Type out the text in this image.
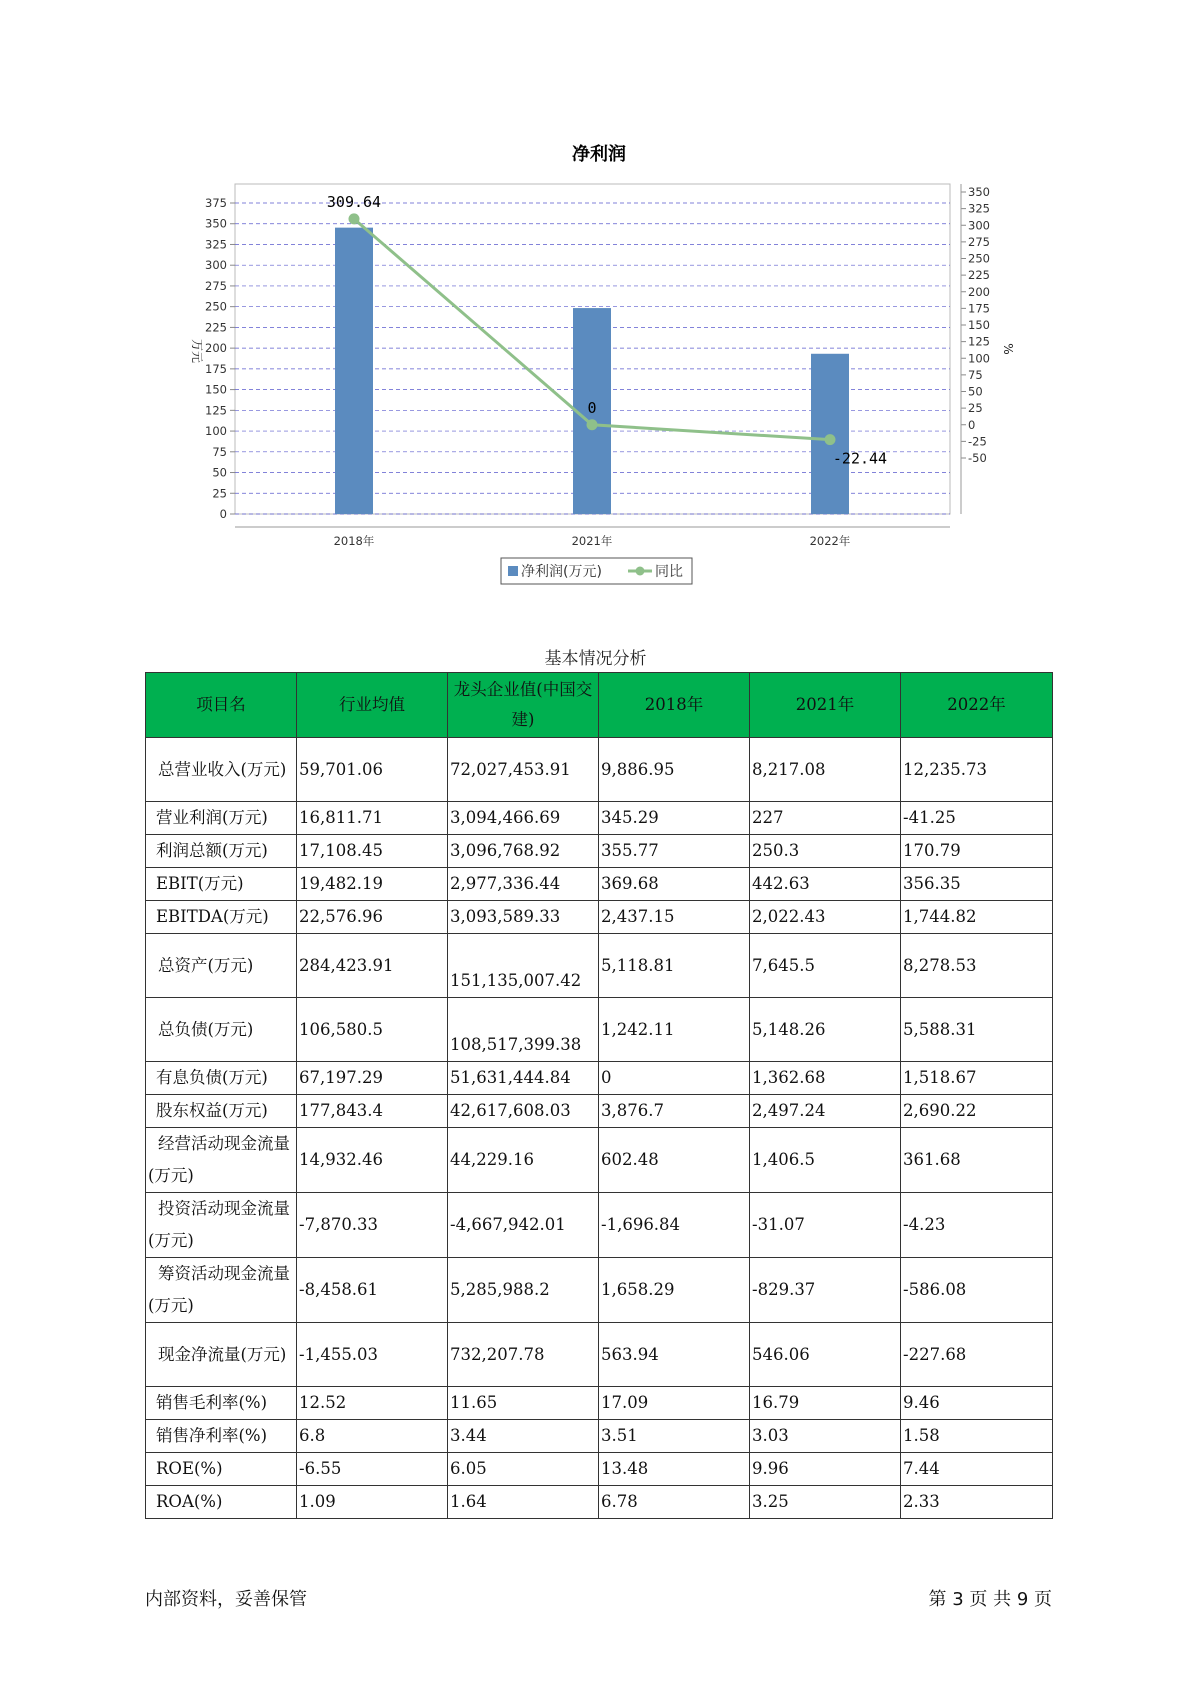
净利润
309.64
0
-22.44
0
25
50
75
100
125
150
175
200
225
250
275
300
325
350
375
-50
-25
0
25
50
75
100
125
150
175
200
225
250
275
300
325
350
2018年	2021年	2022年
万元	%
净利润(万元)	同比
基本情况分析
项目名	行业均值	龙头企业值(中国交建)	2018年	2021年	2022年
总营业收入(万元)	59,701.06	72,027,453.91	9,886.95	8,217.08	12,235.73
营业利润(万元)	16,811.71	3,094,466.69	345.29	227	-41.25
利润总额(万元)	17,108.45	3,096,768.92	355.77	250.3	170.79
EBIT(万元)	19,482.19	2,977,336.44	369.68	442.63	356.35
EBITDA(万元)	22,576.96	3,093,589.33	2,437.15	2,022.43	1,744.82
总资产(万元)	284,423.91	151,135,007.42	5,118.81	7,645.5	8,278.53
总负债(万元)	106,580.5	108,517,399.38	1,242.11	5,148.26	5,588.31
有息负债(万元)	67,197.29	51,631,444.84	0	1,362.68	1,518.67
股东权益(万元)	177,843.4	42,617,608.03	3,876.7	2,497.24	2,690.22
经营活动现金流量(万元)	14,932.46	44,229.16	602.48	1,406.5	361.68
投资活动现金流量(万元)	-7,870.33	-4,667,942.01	-1,696.84	-31.07	-4.23
筹资活动现金流量(万元)	-8,458.61	5,285,988.2	1,658.29	-829.37	-586.08
现金净流量(万元)	-1,455.03	732,207.78	563.94	546.06	-227.68
销售毛利率(%)	12.52	11.65	17.09	16.79	9.46
销售净利率(%)	6.8	3.44	3.51	3.03	1.58
ROE(%)	-6.55	6.05	13.48	9.96	7.44
ROA(%)	1.09	1.64	6.78	3.25	2.33
内部资料，妥善保管	第 3 页 共 9 页
